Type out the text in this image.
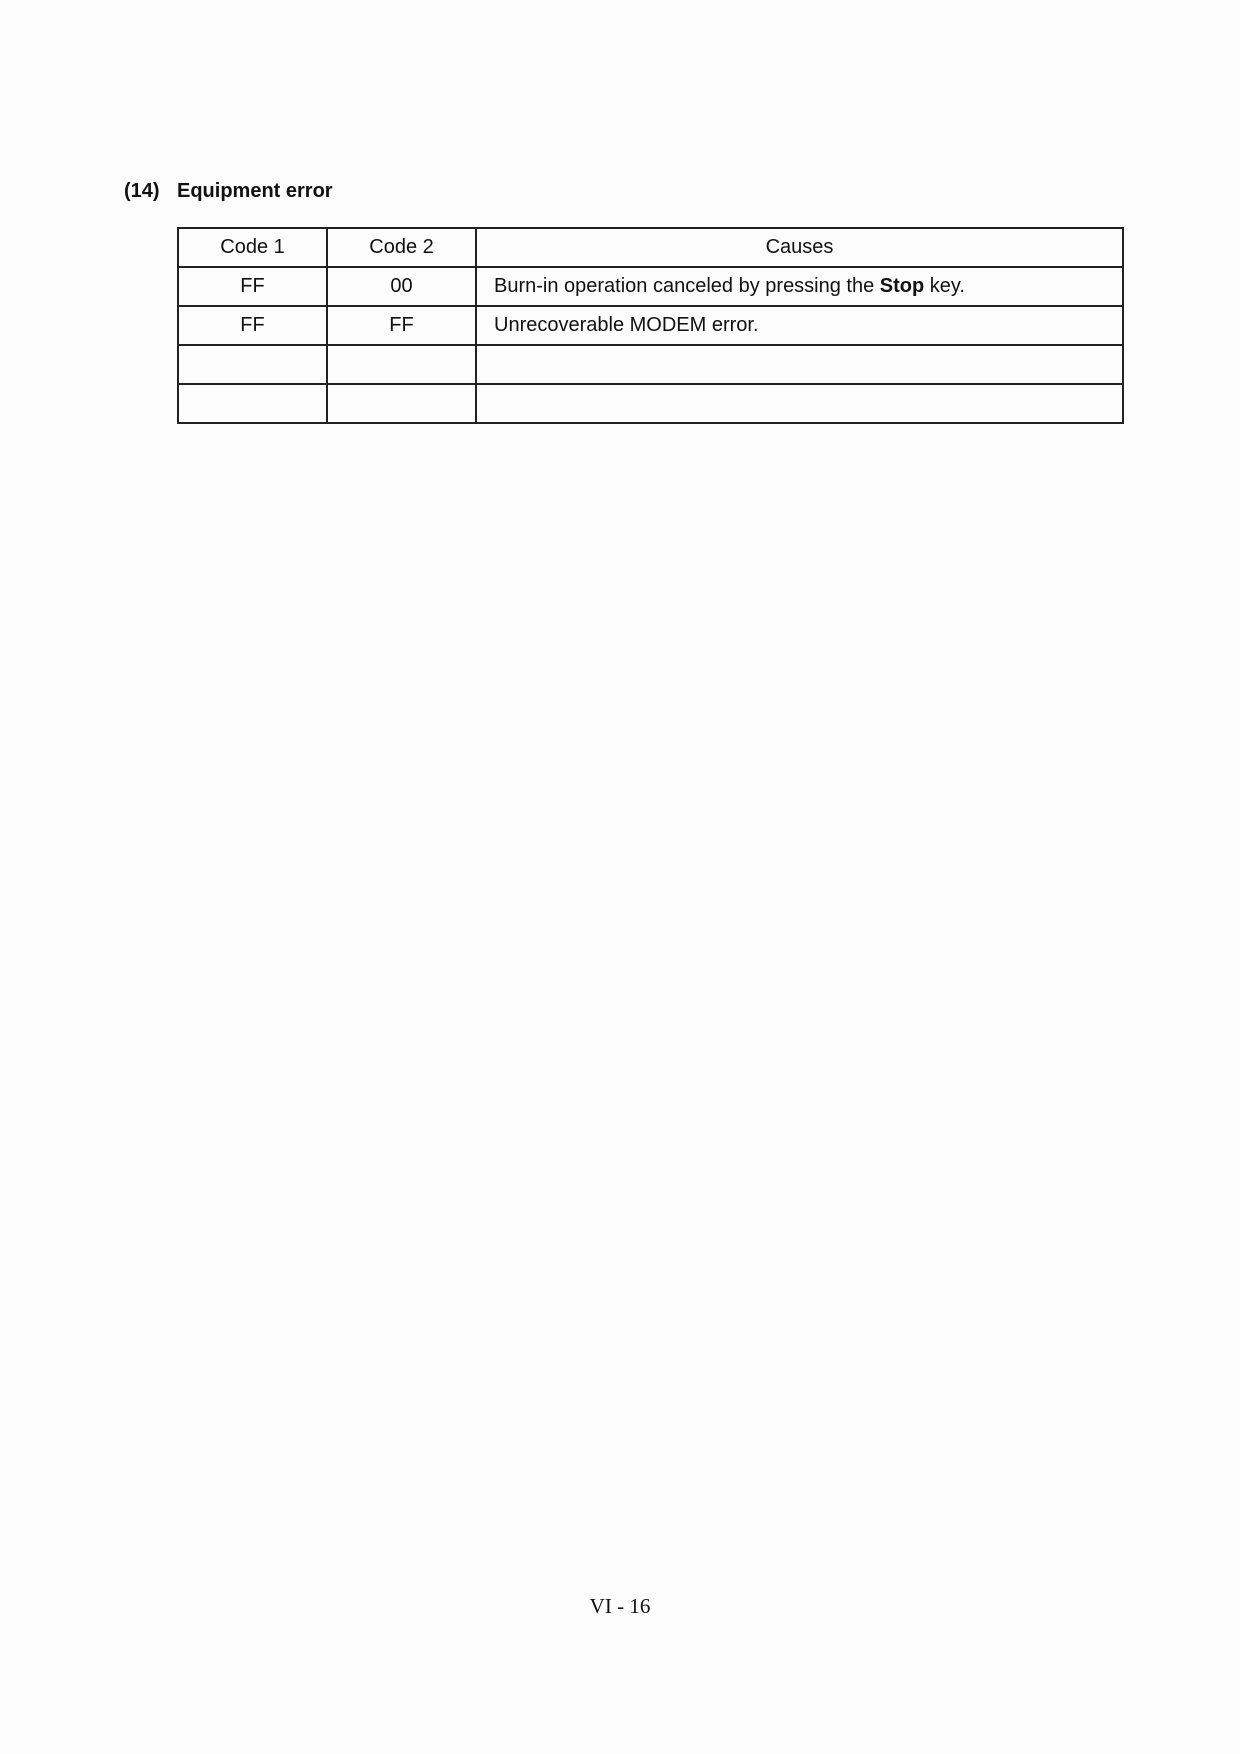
(14) Equipment error
Code 1	Code 2	Causes
FF	00	Burn-in operation canceled by pressing the Stop key.
FF	FF	Unrecoverable MODEM error.

VI - 16
